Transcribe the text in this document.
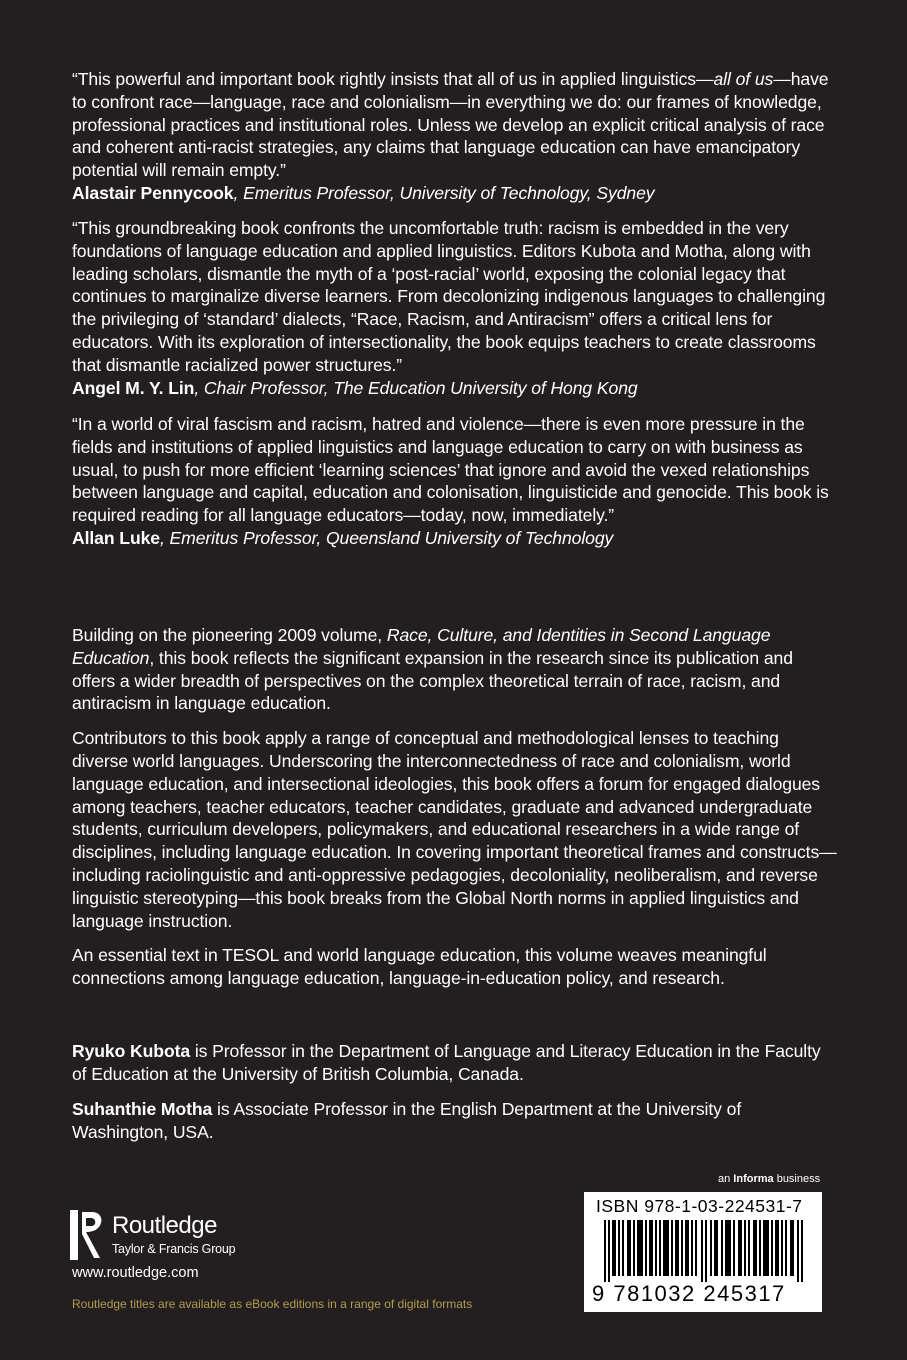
“This powerful and important book rightly insists that all of us in applied linguistics—all of us—have to confront race—language, race and colonialism—in everything we do: our frames of knowledge, professional practices and institutional roles. Unless we develop an explicit critical analysis of race and coherent anti-racist strategies, any claims that language education can have emancipatory potential will remain empty.”

Alastair Pennycook, Emeritus Professor, University of Technology, Sydney

“This groundbreaking book confronts the uncomfortable truth: racism is embedded in the very foundations of language education and applied linguistics. Editors Kubota and Motha, along with leading scholars, dismantle the myth of a ‘post-racial’ world, exposing the colonial legacy that continues to marginalize diverse learners. From decolonizing indigenous languages to challenging the privileging of ‘standard’ dialects, “Race, Racism, and Antiracism” offers a critical lens for educators. With its exploration of intersectionality, the book equips teachers to create classrooms that dismantle racialized power structures.”

Angel M. Y. Lin, Chair Professor, The Education University of Hong Kong

“In a world of viral fascism and racism, hatred and violence—there is even more pressure in the fields and institutions of applied linguistics and language education to carry on with business as usual, to push for more efficient ‘learning sciences’ that ignore and avoid the vexed relationships between language and capital, education and colonisation, linguisticide and genocide. This book is required reading for all language educators—today, now, immediately.”

Allan Luke, Emeritus Professor, Queensland University of Technology

Building on the pioneering 2009 volume, Race, Culture, and Identities in Second Language Education, this book reflects the significant expansion in the research since its publication and offers a wider breadth of perspectives on the complex theoretical terrain of race, racism, and antiracism in language education.

Contributors to this book apply a range of conceptual and methodological lenses to teaching diverse world languages. Underscoring the interconnectedness of race and colonialism, world language education, and intersectional ideologies, this book offers a forum for engaged dialogues among teachers, teacher educators, teacher candidates, graduate and advanced undergraduate students, curriculum developers, policymakers, and educational researchers in a wide range of disciplines, including language education. In covering important theoretical frames and constructs—including raciolinguistic and anti-oppressive pedagogies, decoloniality, neoliberalism, and reverse linguistic stereotyping—this book breaks from the Global North norms in applied linguistics and language instruction.

An essential text in TESOL and world language education, this volume weaves meaningful connections among language education, language-in-education policy, and research.

Ryuko Kubota is Professor in the Department of Language and Literacy Education in the Faculty of Education at the University of British Columbia, Canada.

Suhanthie Motha is Associate Professor in the English Department at the University of Washington, USA.

an Informa business
ISBN 978-1-03-224531-7
9 781032 245317
Routledge
Taylor & Francis Group
www.routledge.com
Routledge titles are available as eBook editions in a range of digital formats
